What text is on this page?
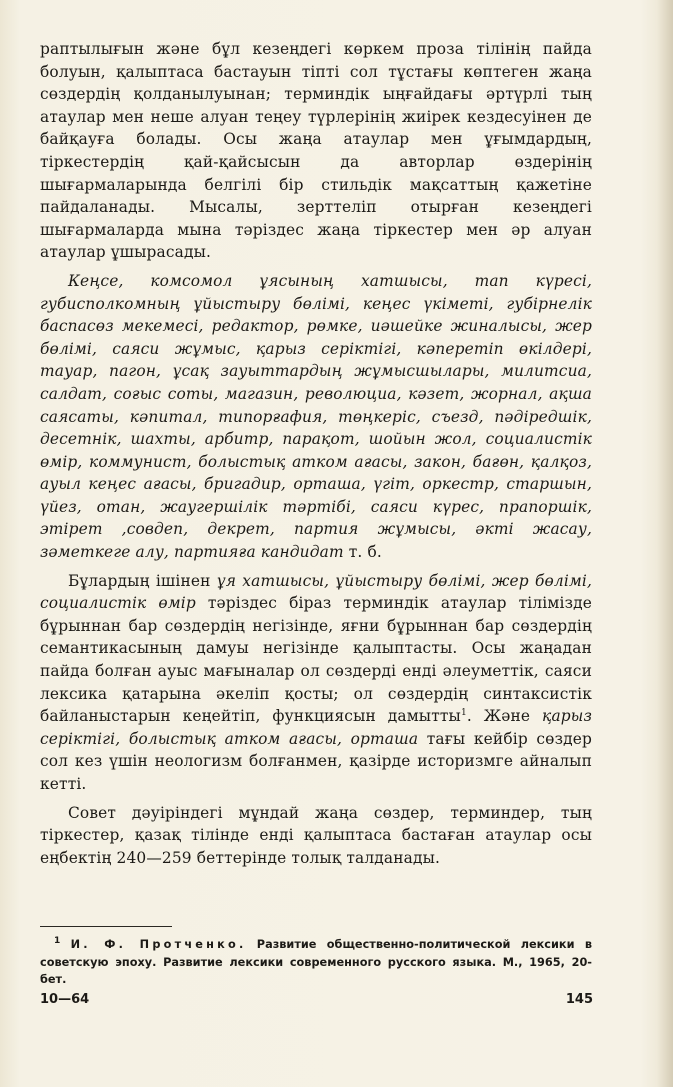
раптылығын және бұл кезеңдегі көркем проза тілінің пайда болуын, қалыптаса бастауын тіпті сол тұстағы көптеген жаңа сөздердің қолданылуынан; терминдік ыңғайдағы әртүрлі тың атаулар мен неше алуан теңеу түрлерінің жиірек кездесуінен де байқауға болады. Осы жаңа атаулар мен ұғымдардың, тіркестердің қай-қайсысын да авторлар өздерінің шығармаларында белгілі бір стильдік мақсаттың қажетіне пайдаланады. Мысалы, зерттеліп отырған кезеңдегі шығармаларда мына тәріздес жаңа тіркестер мен әр алуан атаулар ұшырасады.

Кеңсе, комсомол ұясының хатшысы, тап күресі, губисполкомның ұйыстыру бөлімі, кеңес үкіметі, губірнелік баспасөз мекемесі, редактор, рөмке, иәшейке жиналысы, жер бөлімі, саяси жұмыс, қарыз серіктігі, кәперетіп өкілдері, тауар, пагон, ұсақ зауыттардың жұмысшылары, милитсиа, салдат, соғыс соты, магазин, революциа, кәзет, жорнал, ақша саясаты, кәпитал, типорғафия, төңкеріс, съезд, пәдіредшік, десетнік, шахты, арбитр, парақот, шойын жол, социалистік өмір, коммунист, болыстық атком ағасы, закон, бағөн, қалқоз, ауыл кеңес ағасы, бригадир, орташа, үгіт, оркестр, старшын, үйез, отан, жаугершілік тәртібі, саяси күрес, прапоршік, этірет ,совдеп, декрет, партия жұмысы, әкті жасау, зәметкеге алу, партияға кандидат т. б.

Бұлардың ішінен ұя хатшысы, ұйыстыру бөлімі, жер бөлімі, социалистік өмір тәріздес біраз терминдік атаулар тілімізде бұрыннан бар сөздердің негізінде, яғни бұрыннан бар сөздердің семантикасының дамуы негізінде қалыптасты. Осы жаңадан пайда болған ауыс мағыналар ол сөздерді енді әлеуметтік, саяси лексика қатарына әкеліп қосты; ол сөздердің синтаксистік байланыстарын кеңейтіп, функциясын дамытты$^1$. Және қарыз серіктігі, болыстық атком ағасы, орташа тағы кейбір сөздер сол кез үшін неологизм болғанмен, қазірде историзмге айналып кетті.

Совет дәуіріндегі мұндай жаңа сөздер, терминдер, тың тіркестер, қазақ тілінде енді қалыптаса бастаған атаулар осы еңбектің 240—259 беттерінде толық талданады.

$^1$ И. Ф. Протченко. Развитие общественно-политической лексики в советскую эпоху. Развитие лексики современного русского языка. М., 1965, 20-бет.
10—64	145
